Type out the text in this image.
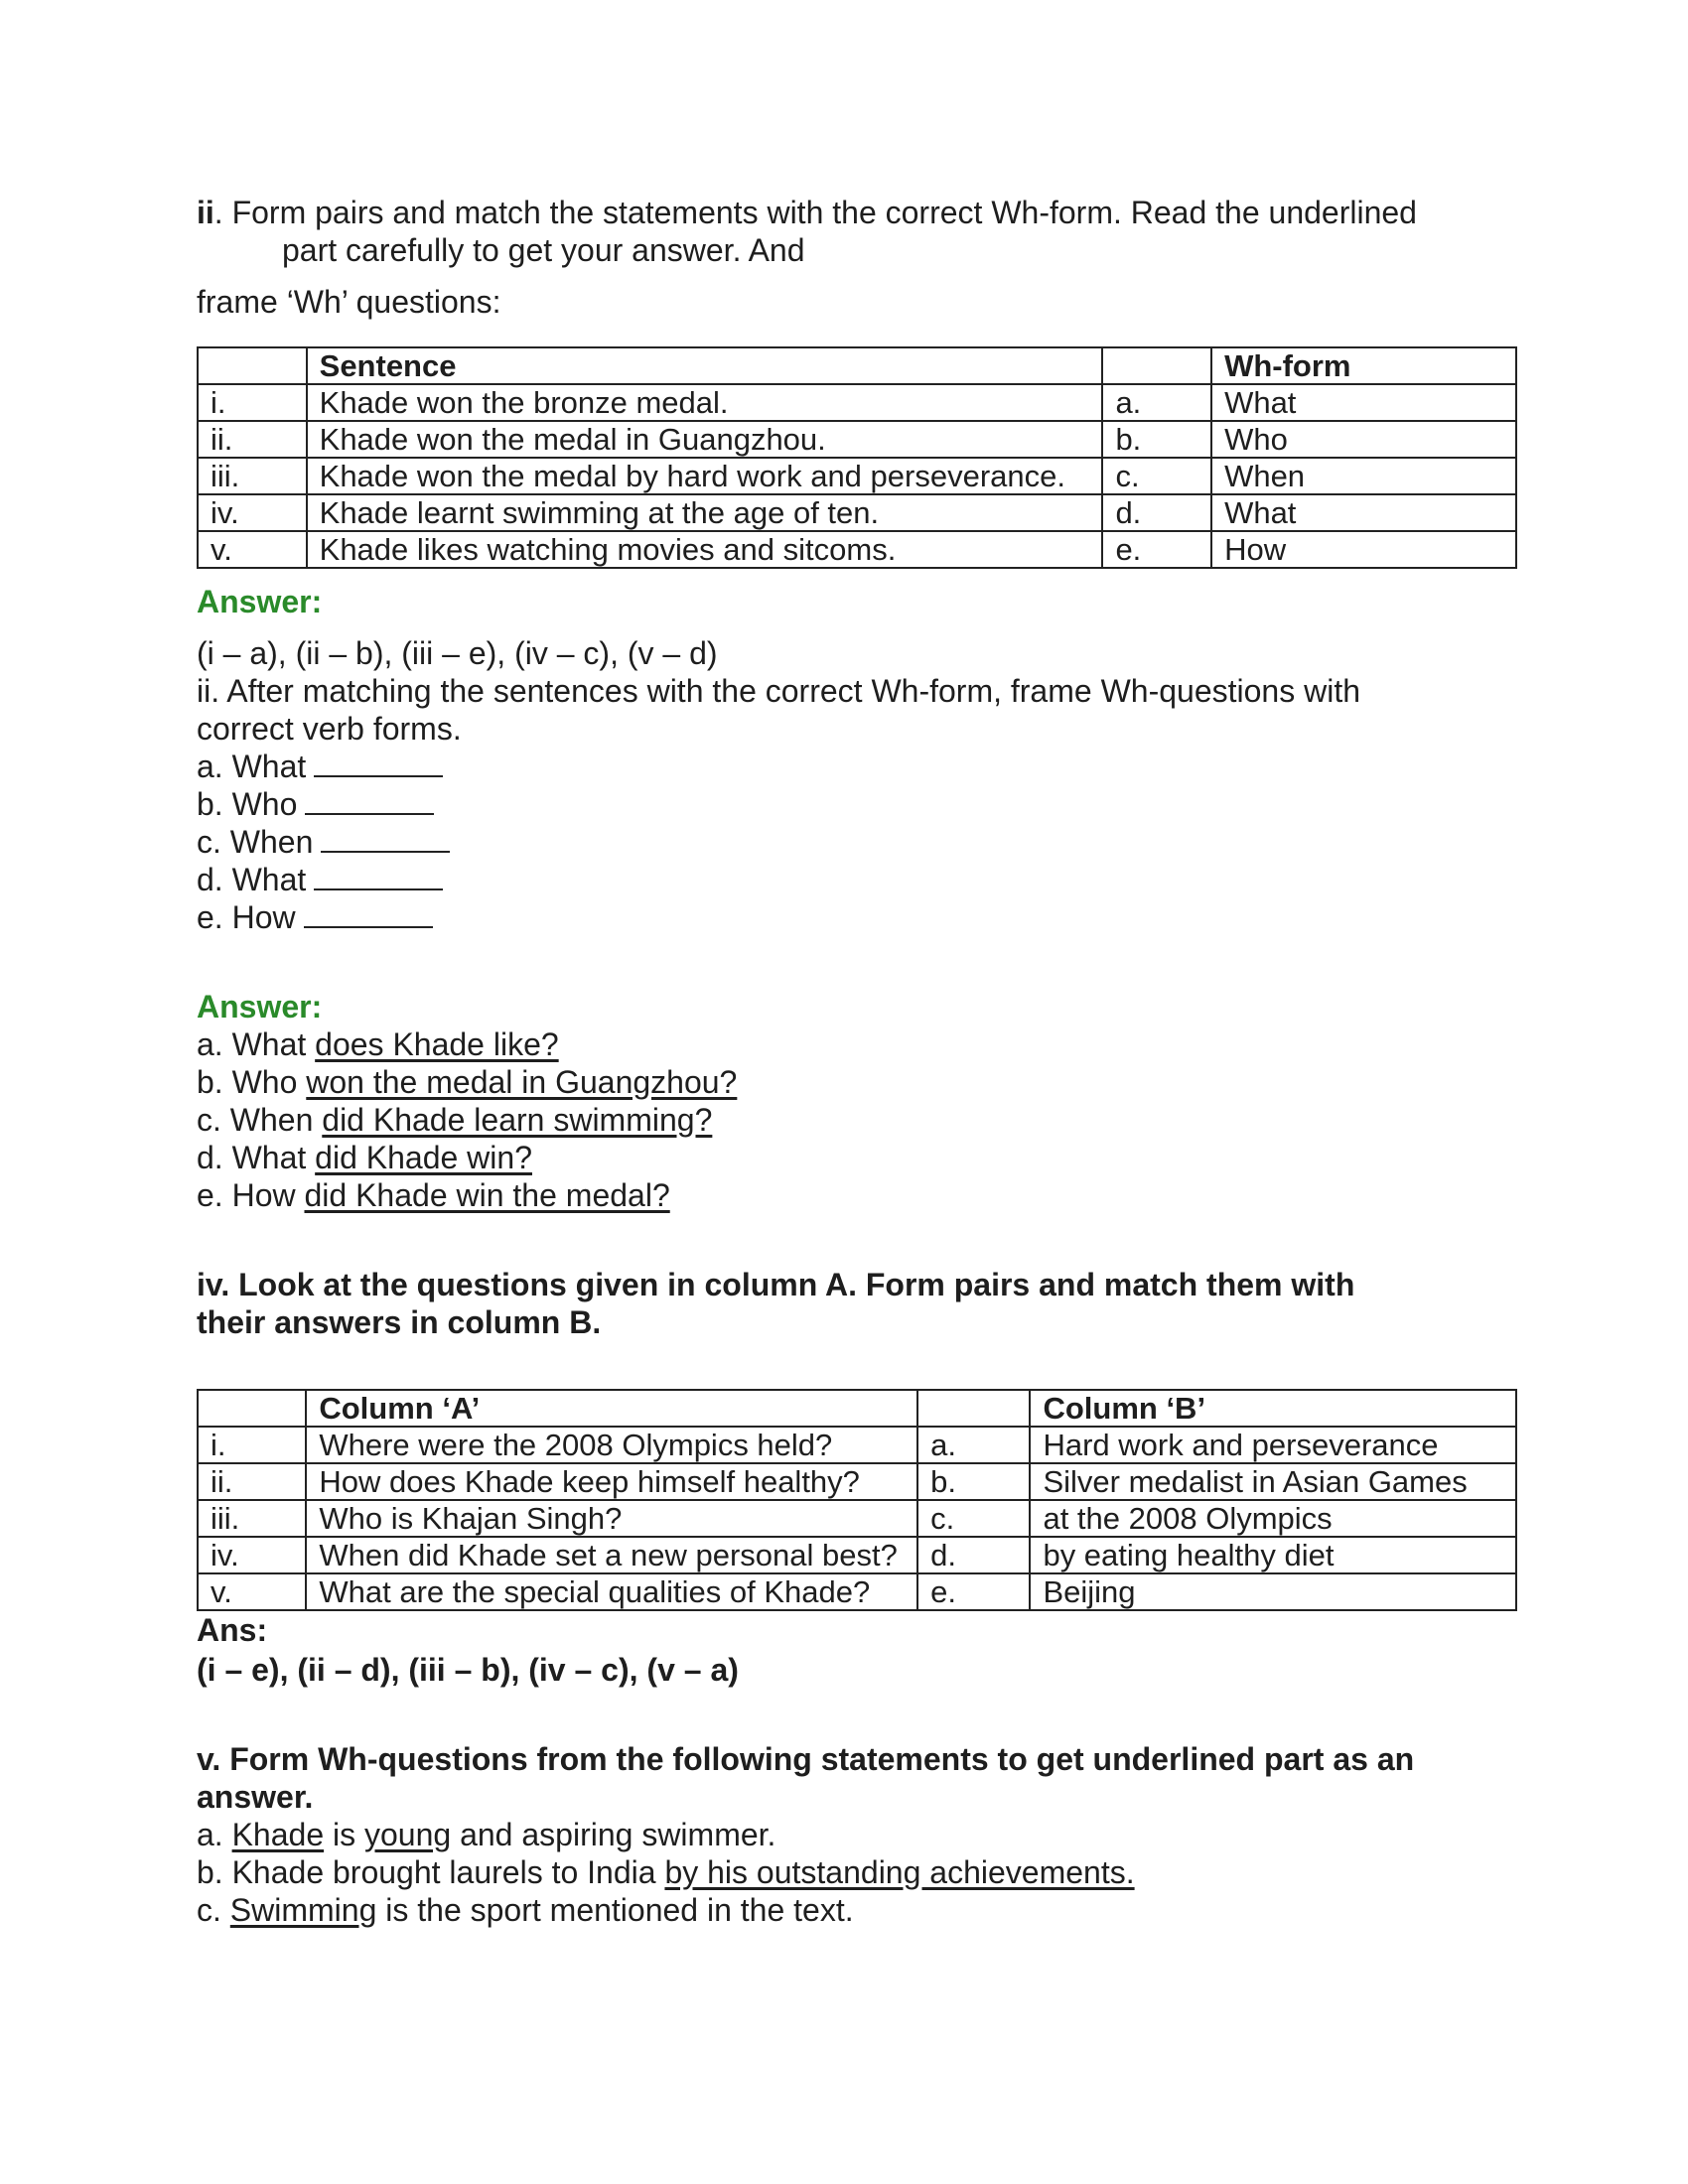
ii. Form pairs and match the statements with the correct Wh-form. Read the underlined

part carefully to get your answer. And

frame ‘Wh’ questions:

	Sentence		Wh-form
i.	Khade won the bronze medal.	a.	What
ii.	Khade won the medal in Guangzhou.	b.	Who
iii.	Khade won the medal by hard work and perseverance.	c.	When
iv.	Khade learnt swimming at the age of ten.	d.	What
v.	Khade likes watching movies and sitcoms.	e.	How

Answer:

(i – a), (ii – b), (iii – e), (iv – c), (v – d)

ii. After matching the sentences with the correct Wh-form, frame Wh-questions with

correct verb forms.

a. What
b. Who
c. When
d. What
e. How

Answer:

a. What does Khade like?
b. Who won the medal in Guangzhou?
c. When did Khade learn swimming?
d. What did Khade win?
e. How did Khade win the medal?

iv. Look at the questions given in column A. Form pairs and match them with

their answers in column B.

	Column ‘A’		Column ‘B’
i.	Where were the 2008 Olympics held?	a.	Hard work and perseverance
ii.	How does Khade keep himself healthy?	b.	Silver medalist in Asian Games
iii.	Who is Khajan Singh?	c.	at the 2008 Olympics
iv.	When did Khade set a new personal best?	d.	by eating healthy diet
v.	What are the special qualities of Khade?	e.	Beijing

Ans:

(i – e), (ii – d), (iii – b), (iv – c), (v – a)

v. Form Wh-questions from the following statements to get underlined part as an

answer.

a. Khade is young and aspiring swimmer.
b. Khade brought laurels to India by his outstanding achievements.
c. Swimming is the sport mentioned in the text.
